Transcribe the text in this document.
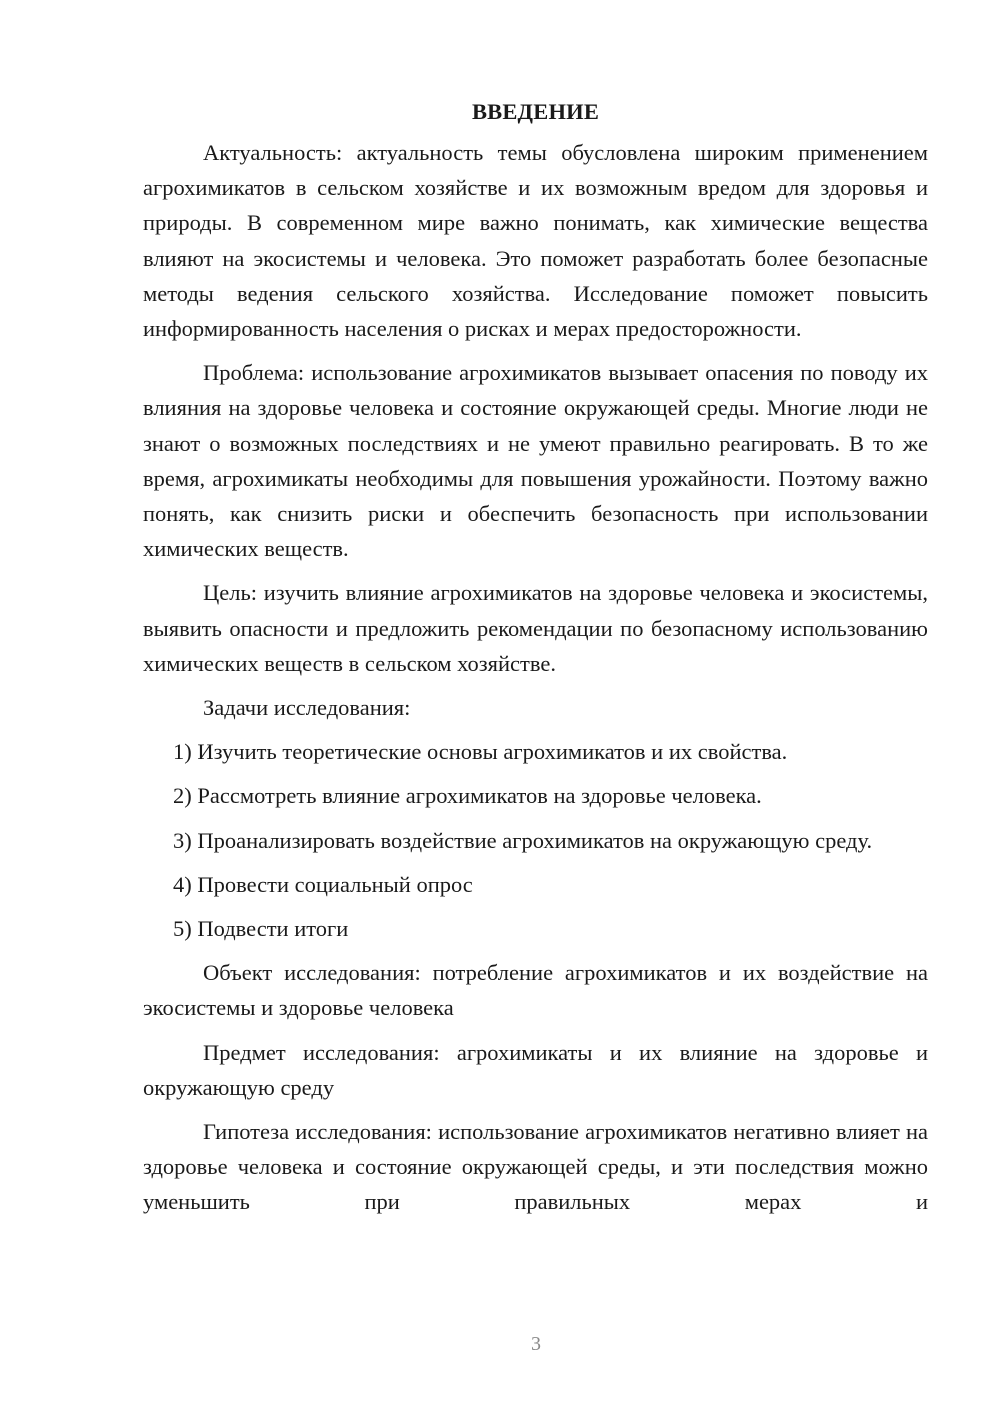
ВВЕДЕНИЕ

Актуальность: актуальность темы обусловлена широким применением агрохимикатов в сельском хозяйстве и их возможным вредом для здоровья и природы. В современном мире важно понимать, как химические вещества влияют на экосистемы и человека. Это поможет разработать более безопасные методы ведения сельского хозяйства. Исследование поможет повысить информированность населения о рисках и мерах предосторожности.

Проблема: использование агрохимикатов вызывает опасения по поводу их влияния на здоровье человека и состояние окружающей среды. Многие люди не знают о возможных последствиях и не умеют правильно реагировать. В то же время, агрохимикаты необходимы для повышения урожайности. Поэтому важно понять, как снизить риски и обеспечить безопасность при использовании химических веществ.

Цель: изучить влияние агрохимикатов на здоровье человека и экосистемы, выявить опасности и предложить рекомендации по безопасному использованию химических веществ в сельском хозяйстве.

Задачи исследования:

1) Изучить теоретические основы агрохимикатов и их свойства.

2) Рассмотреть влияние агрохимикатов на здоровье человека.

3) Проанализировать воздействие агрохимикатов на окружающую среду.

4) Провести социальный опрос

5) Подвести итоги

Объект исследования: потребление агрохимикатов и их воздействие на экосистемы и здоровье человека

Предмет исследования: агрохимикаты и их влияние на здоровье и окружающую среду

Гипотеза исследования: использование агрохимикатов негативно влияет на здоровье человека и состояние окружающей среды, и эти последствия можно уменьшить при правильных мерах и

3
